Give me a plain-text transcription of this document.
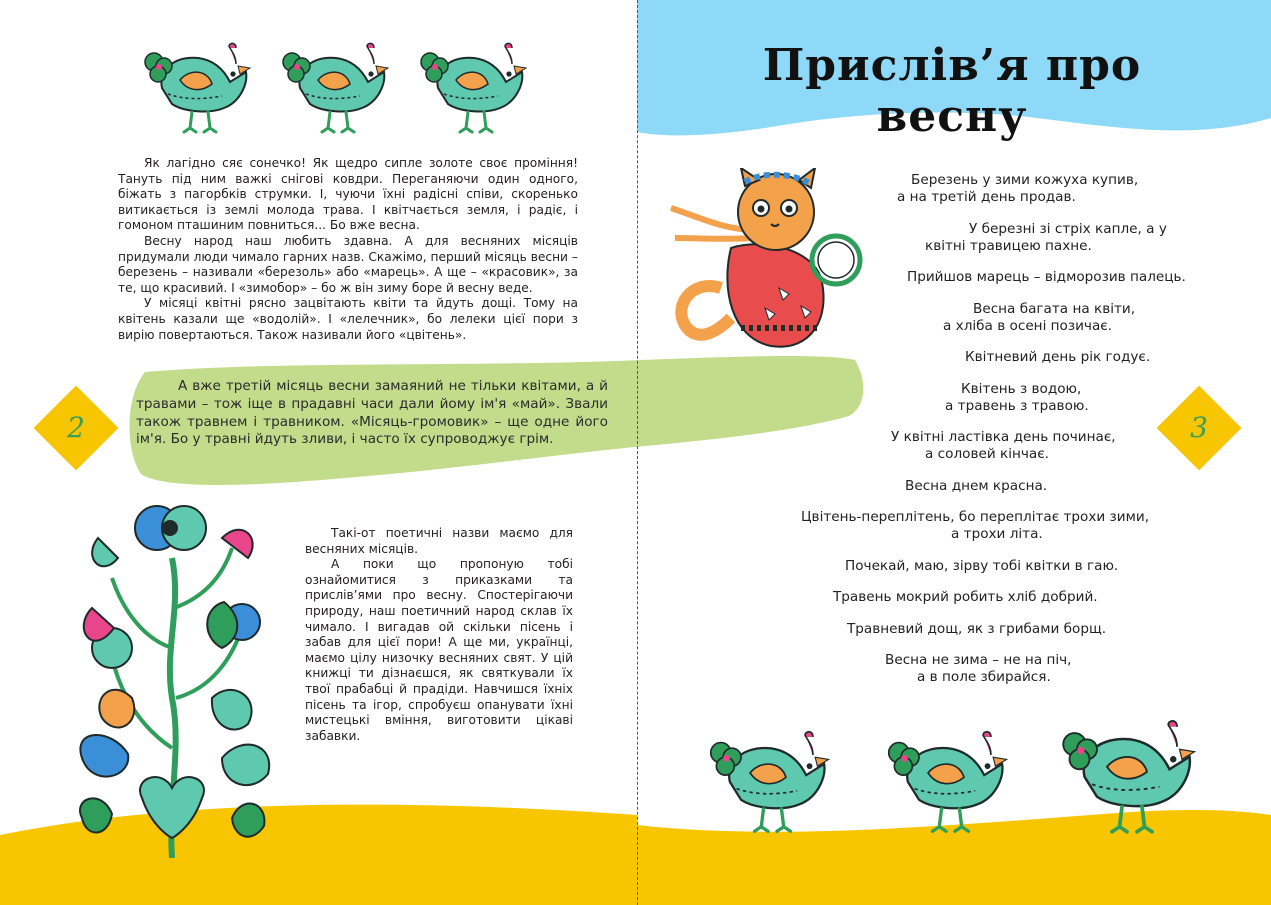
Як лагідно сяє сонечко! Як щедро сипле золоте своє проміння! Тануть під ним важкі снігові ковдри. Переганяючи один одного, біжать з пагорбків струмки. І, чуючи їхні радісні співи, скоренько витикається із землі молода трава. І квітчається земля, і радіє, і гомоном пташиним повниться... Бо вже весна.

Весну народ наш любить здавна. А для весняних місяців придумали люди чимало гарних назв. Скажімо, перший місяць весни – березень – називали «березоль» або «марець». А ще – «красовик», за те, що красивий. І «зимобор» – бо ж він зиму боре й весну веде.

У місяці квітні рясно зацвітають квіти та йдуть дощі. Тому на квітень казали ще «водолій». І «лелечник», бо лелеки цієї пори з вирію повертаються. Також називали його «цвітень».

2

Такі-от поетичні назви маємо для весняних місяців.

А поки що пропоную тобі ознайомитися з приказками та прислів’ями про весну. Спостерігаючи природу, наш поетичний народ склав їх чимало. І вигадав ой скільки пісень і забав для цієї пори! А ще ми, українці, маємо цілу низочку весняних свят. У цій книжці ти дізнаєшся, як святкували їх твої прабабці й прадіди. Навчишся їхніх пісень та ігор, спробуєш опанувати їхні мистецькі вміння, виготовити цікаві забавки.

Прислів’я про весну
3
Березень у зими кожуха купив,
а на третій день продав.
У березні зі стріх капле, а у
квітні травицею пахне.
Прийшов марець – відморозив палець.
Весна багата на квіти,
а хліба в осені позичає.
Квітневий день рік годує.
Квітень з водою,
а травень з травою.
У квітні ластівка день починає,
а соловей кінчає.
Весна днем красна.
Цвітень-переплітень, бо переплітає трохи зими,
а трохи літа.
Почекай, маю, зірву тобі квітки в гаю.
Травень мокрий робить хліб добрий.
Травневий дощ, як з грибами борщ.
Весна не зима – не на піч,
а в поле збирайся.

А вже третій місяць весни замаяний не тільки квітами, а й травами – тож іще в прадавні часи дали йому ім'я «май». Звали також травнем і травником. «Місяць-громовик» – ще одне його ім'я. Бо у травні йдуть зливи, і часто їх супроводжує грім.
